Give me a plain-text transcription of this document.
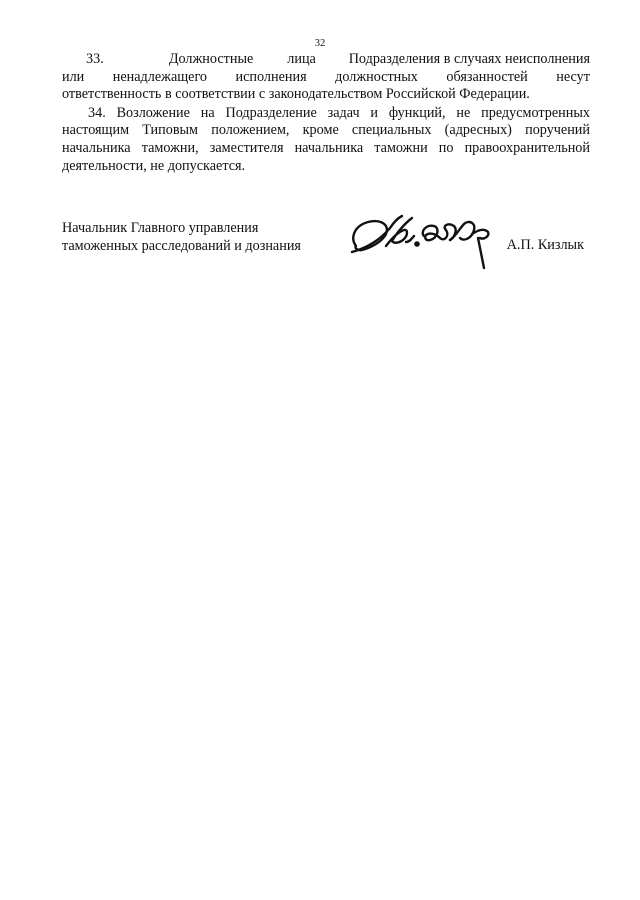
32
33.	Должностные лица Подразделения в случаях неисполнения
или ненадлежащего исполнения должностных обязанностей несут
ответственность в соответствии с законодательством Российской Федерации.
34. Возложение на Подразделение задач и функций, не предусмотренных
настоящим Типовым положением, кроме специальных (адресных) поручений
начальника таможни, заместителя начальника таможни по правоохранительной
деятельности, не допускается.
Начальник Главного управления
таможенных расследований и дознания	А.П. Кизлык
